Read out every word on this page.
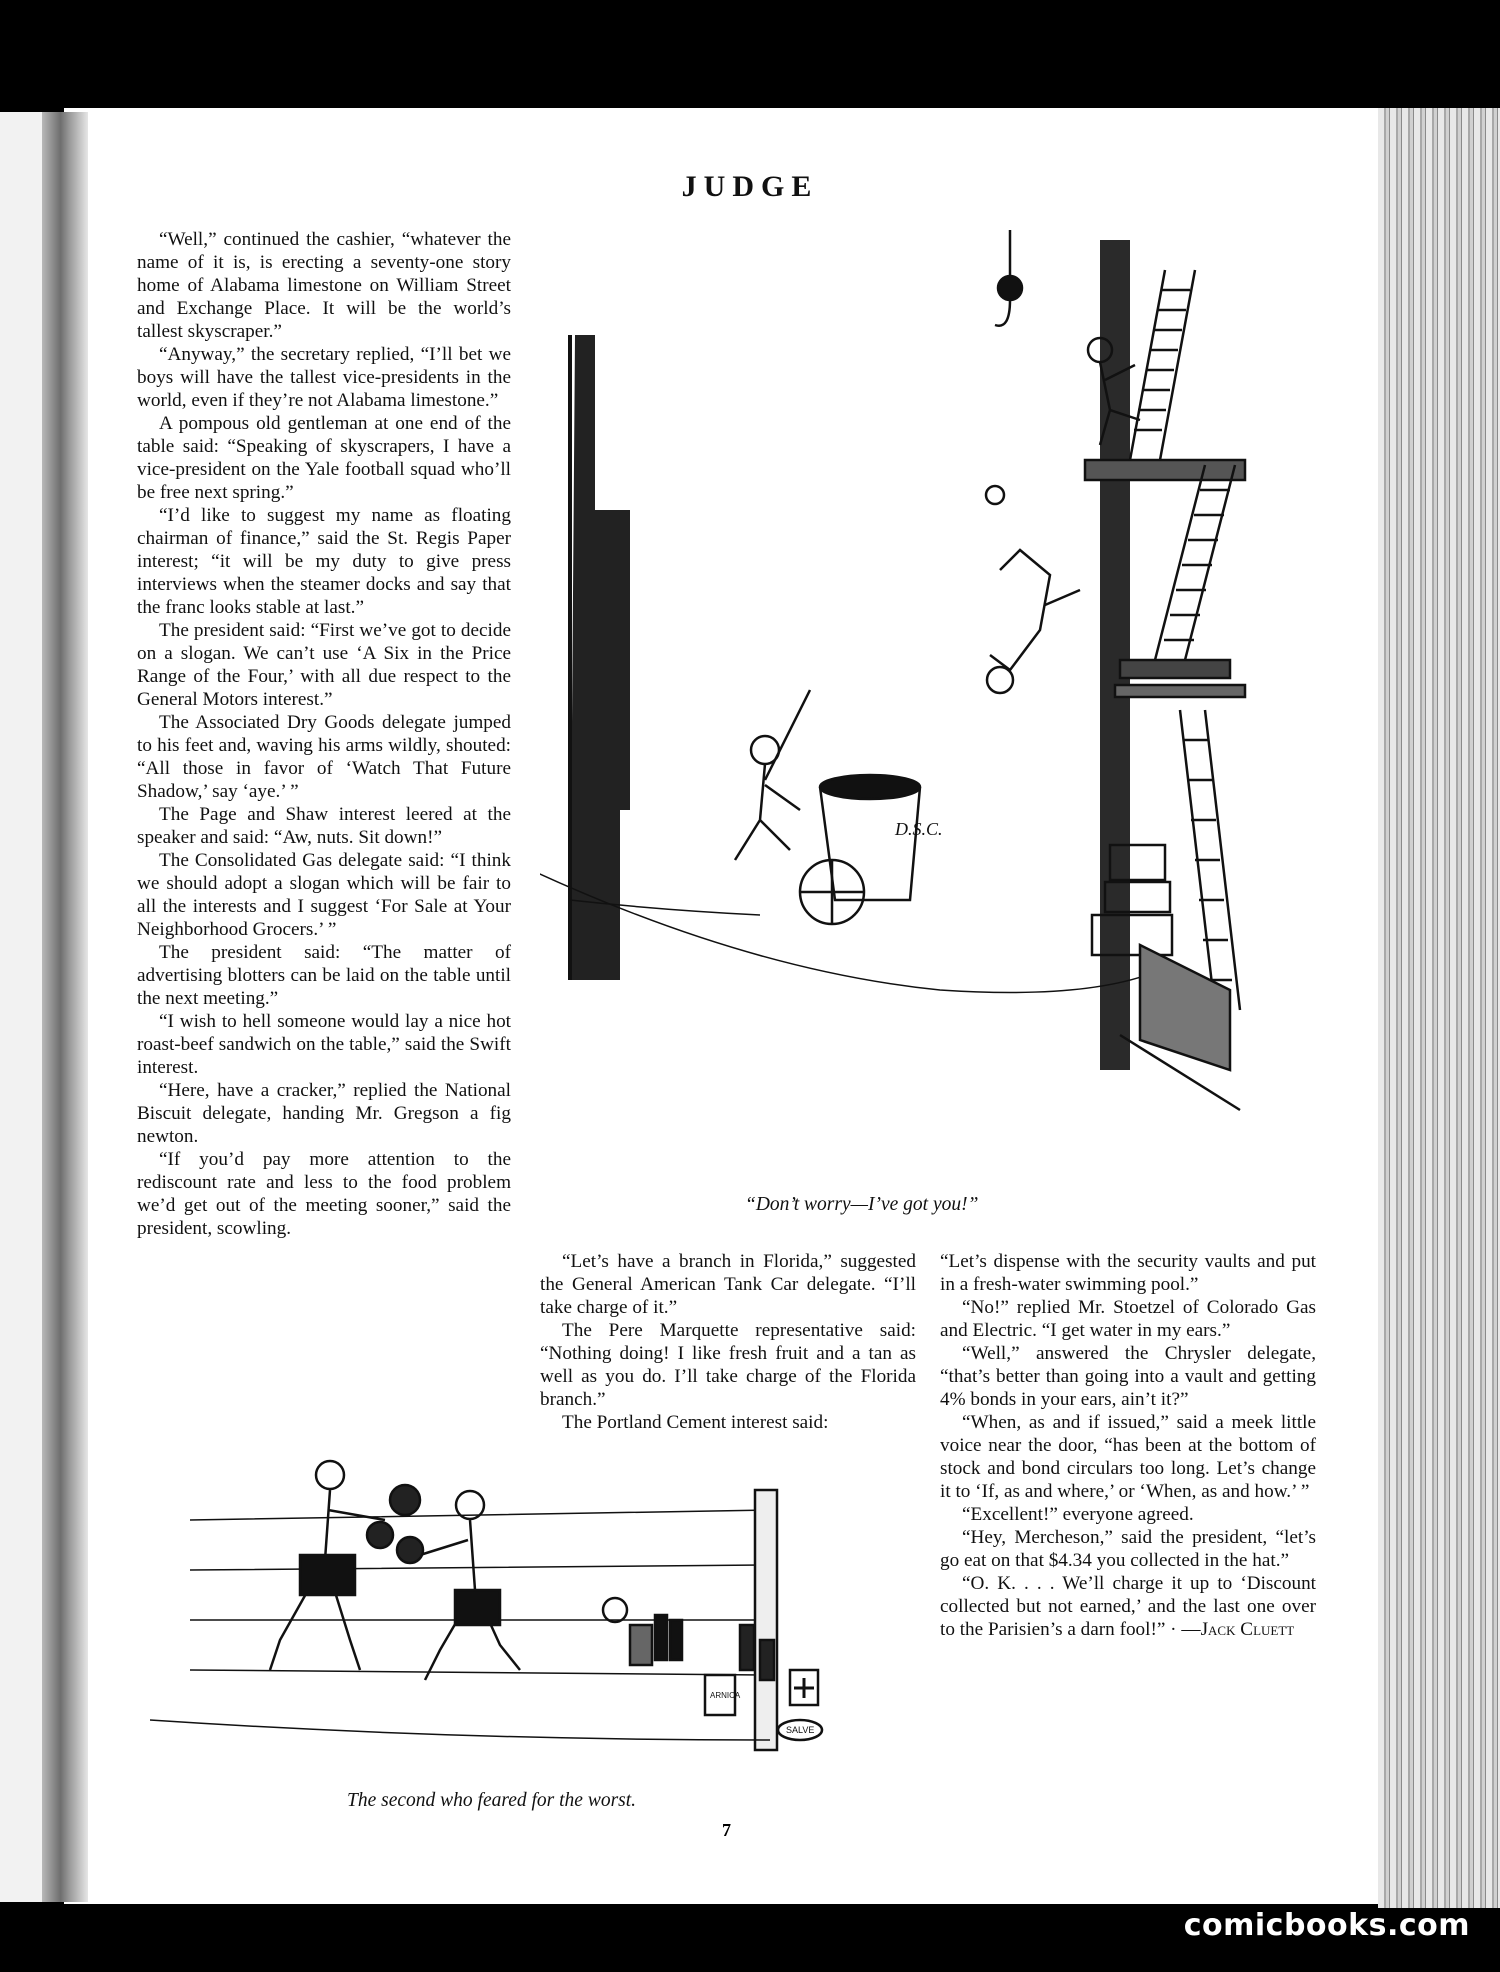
JUDGE

“Well,” continued the cashier, “whatever the name of it is, is erecting a seventy-one story home of Alabama limestone on William Street and Exchange Place. It will be the world’s tallest skyscraper.”

“Anyway,” the secretary replied, “I’ll bet we boys will have the tallest vice-presidents in the world, even if they’re not Alabama limestone.”

A pompous old gentleman at one end of the table said: “Speaking of skyscrapers, I have a vice-president on the Yale football squad who’ll be free next spring.”

“I’d like to suggest my name as floating chairman of finance,” said the St. Regis Paper interest; “it will be my duty to give press interviews when the steamer docks and say that the franc looks stable at last.”

The president said: “First we’ve got to decide on a slogan. We can’t use ‘A Six in the Price Range of the Four,’ with all due respect to the General Motors interest.”

The Associated Dry Goods delegate jumped to his feet and, waving his arms wildly, shouted: “All those in favor of ‘Watch That Future Shadow,’ say ‘aye.’ ”

The Page and Shaw interest leered at the speaker and said: “Aw, nuts. Sit down!”

The Consolidated Gas delegate said: “I think we should adopt a slogan which will be fair to all the interests and I suggest ‘For Sale at Your Neighborhood Grocers.’ ”

The president said: “The matter of advertising blotters can be laid on the table until the next meeting.”

“I wish to hell someone would lay a nice hot roast-beef sandwich on the table,” said the Swift interest.

“Here, have a cracker,” replied the National Biscuit delegate, handing Mr. Gregson a fig newton.

“If you’d pay more attention to the rediscount rate and less to the food problem we’d get out of the meeting sooner,” said the president, scowling.

“Let’s have a branch in Florida,” suggested the General American Tank Car delegate. “I’ll take charge of it.”

The Pere Marquette representative said: “Nothing doing! I like fresh fruit and a tan as well as you do. I’ll take charge of the Florida branch.”

The Portland Cement interest said:

“Let’s dispense with the security vaults and put in a fresh-water swimming pool.”

“No!” replied Mr. Stoetzel of Colorado Gas and Electric. “I get water in my ears.”

“Well,” answered the Chrysler delegate, “that’s better than going into a vault and getting 4% bonds in your ears, ain’t it?”

“When, as and if issued,” said a meek little voice near the door, “has been at the bottom of stock and bond circulars too long. Let’s change it to ‘If, as and where,’ or ‘When, as and how.’ ”

“Excellent!” everyone agreed.

“Hey, Mercheson,” said the president, “let’s go eat on that $4.34 you collected in the hat.”

“O. K. . . . We’ll charge it up to ‘Discount collected but not earned,’ and the last one over to the Parisien’s a darn fool!” · —Jack Cluett

D.S.C.
ARNICA
SALVE
“Don’t worry—I’ve got you!”
The second who feared for the worst.
7
comicbooks.com
